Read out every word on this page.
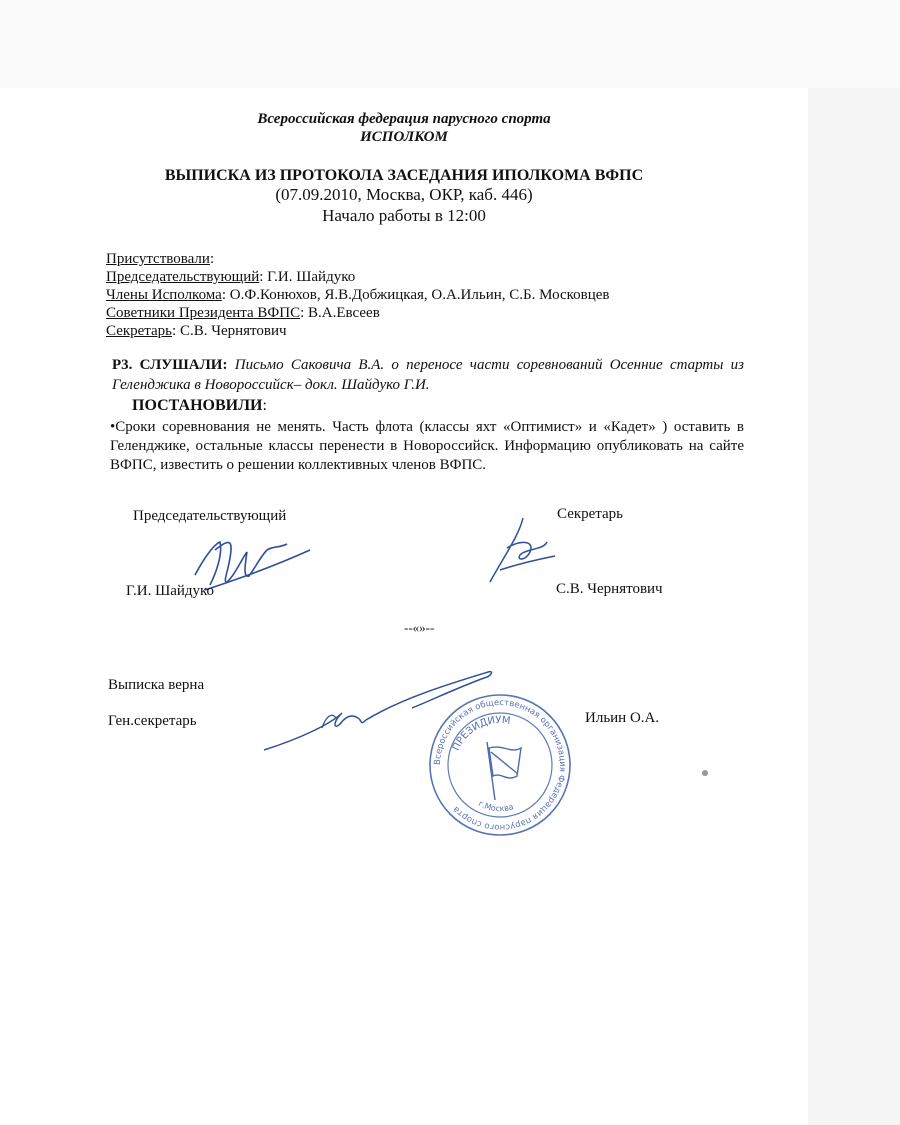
Всероссийская федерация парусного спорта
ИСПОЛКОМ
ВЫПИСКА ИЗ ПРОТОКОЛА ЗАСЕДАНИЯ ИПОЛКОМА ВФПС
(07.09.2010, Москва, ОКР, каб. 446)
Начало работы в 12:00
Присутствовали:
Председательствующий: Г.И. Шайдуко
Члены Исполкома: О.Ф.Конюхов, Я.В.Добжицкая, О.А.Ильин, С.Б. Московцев
Советники Президента ВФПС: В.А.Евсеев
Секретарь: С.В. Чернятович
Р3. СЛУШАЛИ: Письмо Саковича В.А. о переносе части соревнований Осенние старты из Геленджика в Новороссийск– докл. Шайдуко Г.И.
ПОСТАНОВИЛИ:
•Сроки соревнования не менять. Часть флота (классы яхт «Оптимист» и «Кадет» ) оставить в Геленджике, остальные классы перенести в Новороссийск. Информацию опубликовать на сайте ВФПС, известить о решении коллективных членов ВФПС.
Председательствующий	Секретарь
Г.И. Шайдуко	С.В. Чернятович
--«»--
Выписка верна
Ген.секретарь	Ильин О.А.
Всероссийская общественная организация Федерация парусного спорта
ПРЕЗИДИУМ
г.Москва
